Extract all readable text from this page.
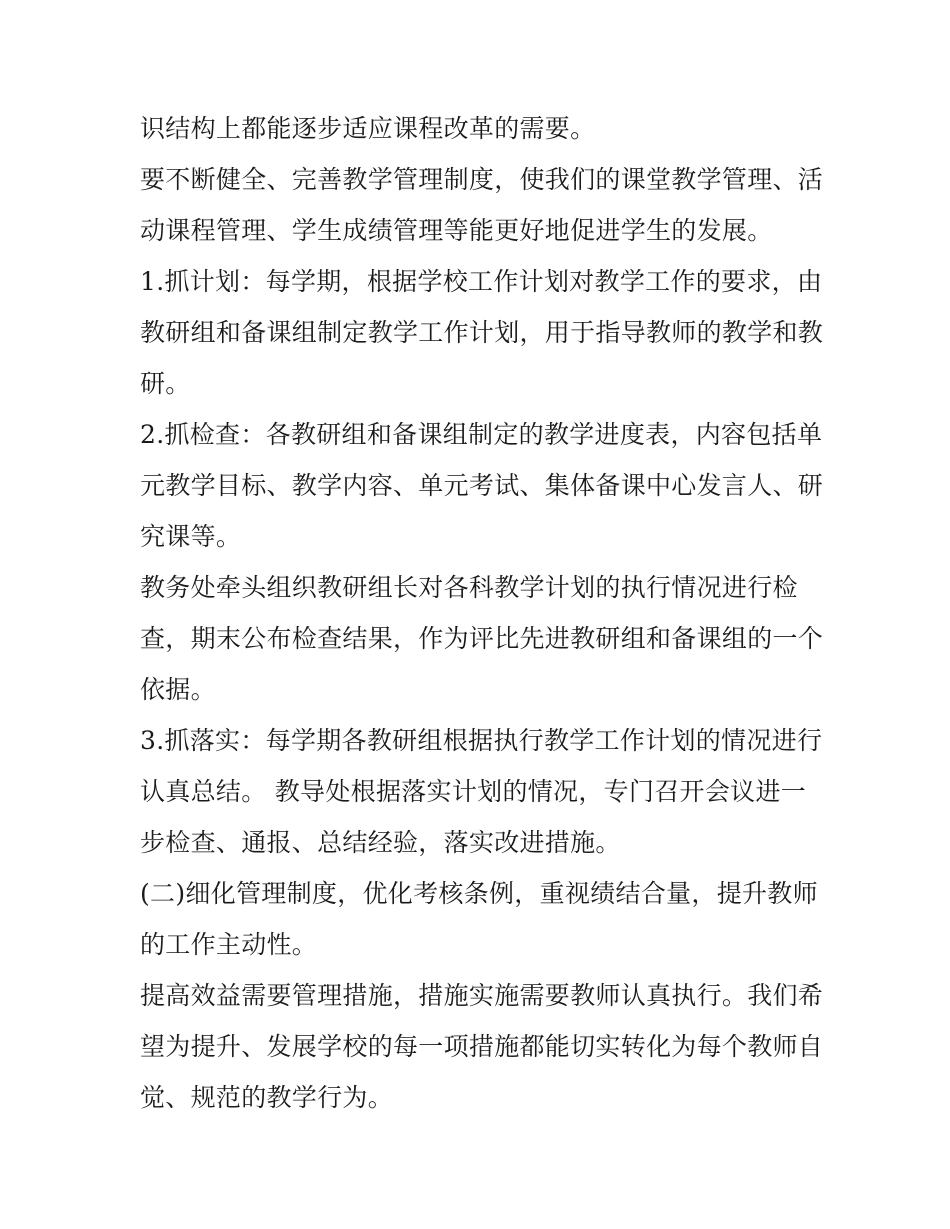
识结构上都能逐步适应课程改革的需要。
要不断健全、完善教学管理制度，使我们的课堂教学管理、活
动课程管理、学生成绩管理等能更好地促进学生的发展。
1.抓计划：每学期，根据学校工作计划对教学工作的要求，由
教研组和备课组制定教学工作计划，用于指导教师的教学和教
研。
2.抓检查：各教研组和备课组制定的教学进度表，内容包括单
元教学目标、教学内容、单元考试、集体备课中心发言人、研
究课等。
教务处牵头组织教研组长对各科教学计划的执行情况进行检
查，期末公布检查结果，作为评比先进教研组和备课组的一个
依据。
3.抓落实：每学期各教研组根据执行教学工作计划的情况进行
认真总结。 教导处根据落实计划的情况，专门召开会议进一
步检查、通报、总结经验，落实改进措施。
(二)细化管理制度，优化考核条例，重视绩结合量，提升教师
的工作主动性。
提高效益需要管理措施，措施实施需要教师认真执行。我们希
望为提升、发展学校的每一项措施都能切实转化为每个教师自
觉、规范的教学行为。
